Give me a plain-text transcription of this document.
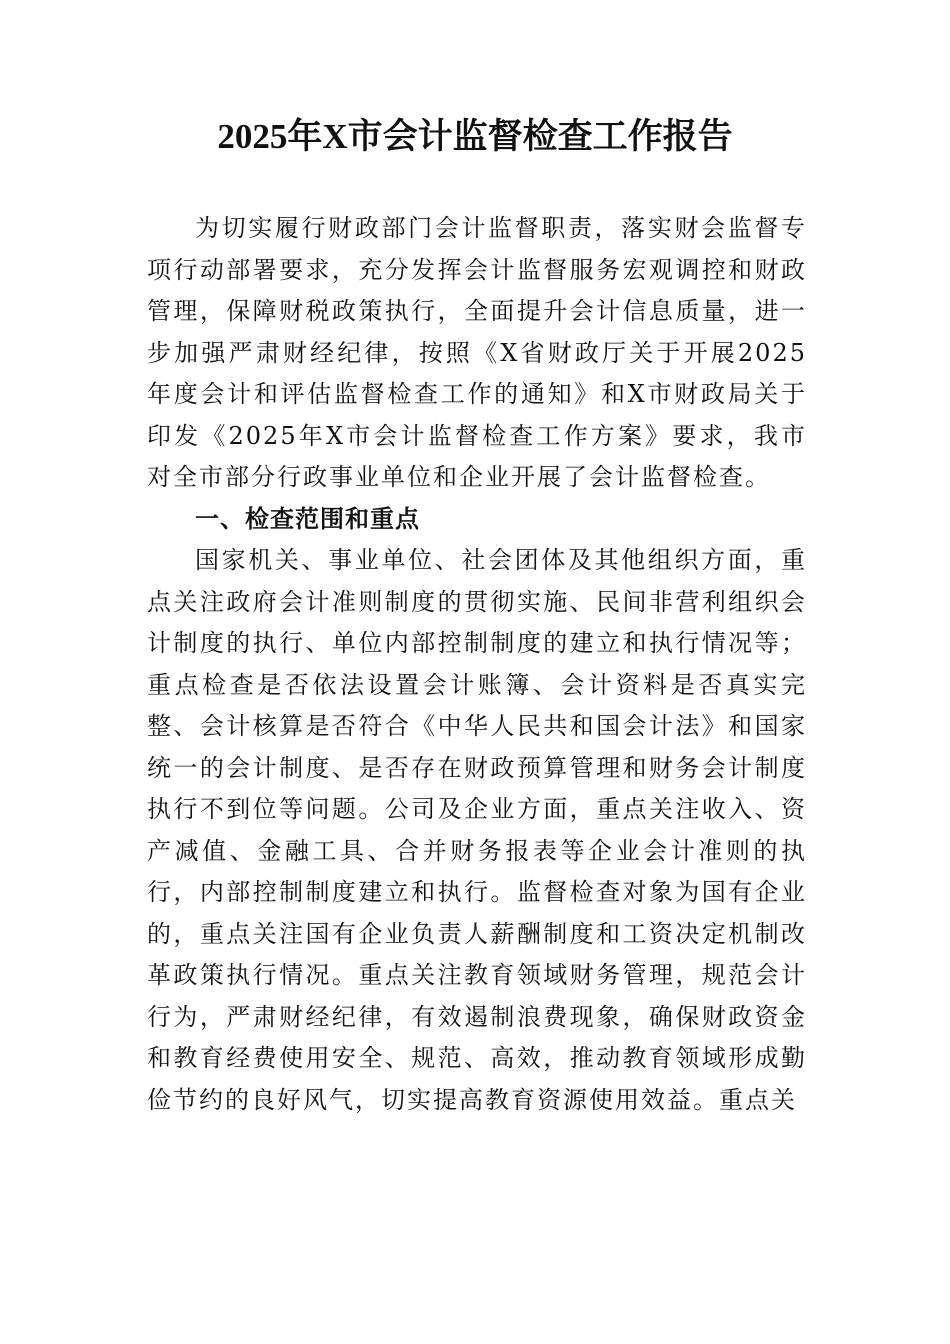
2025年X市会计监督检查工作报告

为切实履行财政部门会计监督职责，落实财会监督专项行动部署要求，充分发挥会计监督服务宏观调控和财政管理，保障财税政策执行，全面提升会计信息质量，进一步加强严肃财经纪律，按照《X省财政厅关于开展2025年度会计和评估监督检查工作的通知》和X市财政局关于印发《2025年X市会计监督检查工作方案》要求，我市对全市部分行政事业单位和企业开展了会计监督检查。

一、检查范围和重点

国家机关、事业单位、社会团体及其他组织方面，重点关注政府会计准则制度的贯彻实施、民间非营利组织会计制度的执行、单位内部控制制度的建立和执行情况等；重点检查是否依法设置会计账簿、会计资料是否真实完整、会计核算是否符合《中华人民共和国会计法》和国家统一的会计制度、是否存在财政预算管理和财务会计制度执行不到位等问题。公司及企业方面，重点关注收入、资产减值、金融工具、合并财务报表等企业会计准则的执行，内部控制制度建立和执行。监督检查对象为国有企业的，重点关注国有企业负责人薪酬制度和工资决定机制改革政策执行情况。重点关注教育领域财务管理，规范会计行为，严肃财经纪律，有效遏制浪费现象，确保财政资金和教育经费使用安全、规范、高效，推动教育领域形成勤俭节约的良好风气，切实提高教育资源使用效益。重点关
